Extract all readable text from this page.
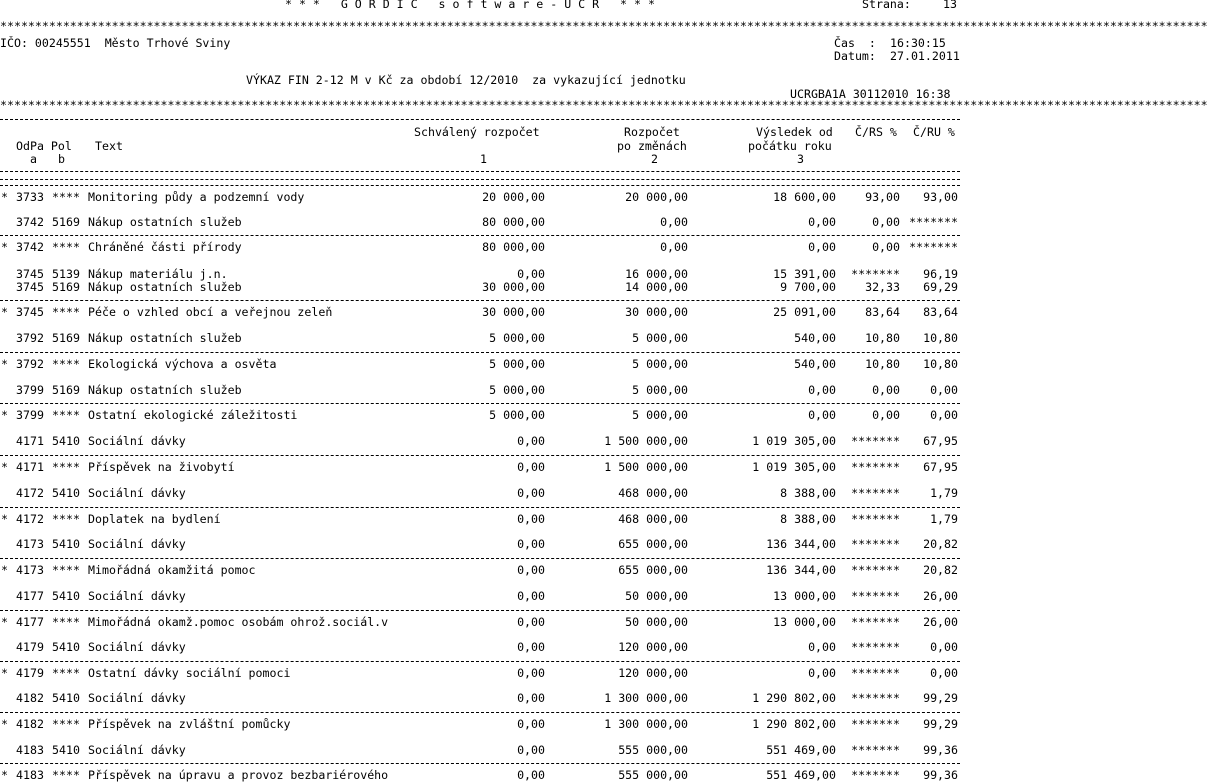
* * *   G O R D I C   s o f t w a r e - U C R   * * *	Strana:	13
*****************************************************************************************************************************************************************************
IČO: 00245551  Město Trhové Sviny	Čas  : 16:30:15
Datum: 27.01.2011
VÝKAZ FIN 2-12 M v Kč za období 12/2010  za vykazující jednotku
UCRGBA1A 30112010 16:38
*****************************************************************************************************************************************************************************
Schválený rozpočet	Rozpočet	Výsledek od Č/RS % Č/RU %
OdPa Pol Text	po změnách	počátku roku
a b	1	2	3
* 3733 **** Monitoring půdy a podzemní vody	20 000,00	20 000,00	18 600,00	93,00 93,00
3742 5169 Nákup ostatních služeb	80 000,00	0,00	0,00	0,00 *******
* 3742 **** Chráněné části přírody	80 000,00	0,00	0,00	0,00 *******
3745 5139 Nákup materiálu j.n.	0,00	16 000,00	15 391,00 ******* 96,19
3745 5169 Nákup ostatních služeb	30 000,00	14 000,00	9 700,00	32,33 69,29
* 3745 **** Péče o vzhled obcí a veřejnou zeleň	30 000,00	30 000,00	25 091,00	83,64 83,64
3792 5169 Nákup ostatních služeb	5 000,00	5 000,00	540,00	10,80 10,80
* 3792 **** Ekologická výchova a osvěta	5 000,00	5 000,00	540,00	10,80 10,80
3799 5169 Nákup ostatních služeb	5 000,00	5 000,00	0,00	0,00	0,00
* 3799 **** Ostatní ekologické záležitosti	5 000,00	5 000,00	0,00	0,00	0,00
4171 5410 Sociální dávky	0,00	1 500 000,00	1 019 305,00 ******* 67,95
* 4171 **** Příspěvek na živobytí	0,00	1 500 000,00	1 019 305,00 ******* 67,95
4172 5410 Sociální dávky	0,00	468 000,00	8 388,00 *******	1,79
* 4172 **** Doplatek na bydlení	0,00	468 000,00	8 388,00 *******	1,79
4173 5410 Sociální dávky	0,00	655 000,00	136 344,00 ******* 20,82
* 4173 **** Mimořádná okamžitá pomoc	0,00	655 000,00	136 344,00 ******* 20,82
4177 5410 Sociální dávky	0,00	50 000,00	13 000,00 ******* 26,00
* 4177 **** Mimořádná okamž.pomoc osobám ohrož.sociál.v	0,00	50 000,00	13 000,00 ******* 26,00
4179 5410 Sociální dávky	0,00	120 000,00	0,00 *******	0,00
* 4179 **** Ostatní dávky sociální pomoci	0,00	120 000,00	0,00 *******	0,00
4182 5410 Sociální dávky	0,00	1 300 000,00	1 290 802,00 ******* 99,29
* 4182 **** Příspěvek na zvláštní pomůcky	0,00	1 300 000,00	1 290 802,00 ******* 99,29
4183 5410 Sociální dávky	0,00	555 000,00	551 469,00 ******* 99,36
* 4183 **** Příspěvek na úpravu a provoz bezbariérového	0,00	555 000,00	551 469,00 ******* 99,36
